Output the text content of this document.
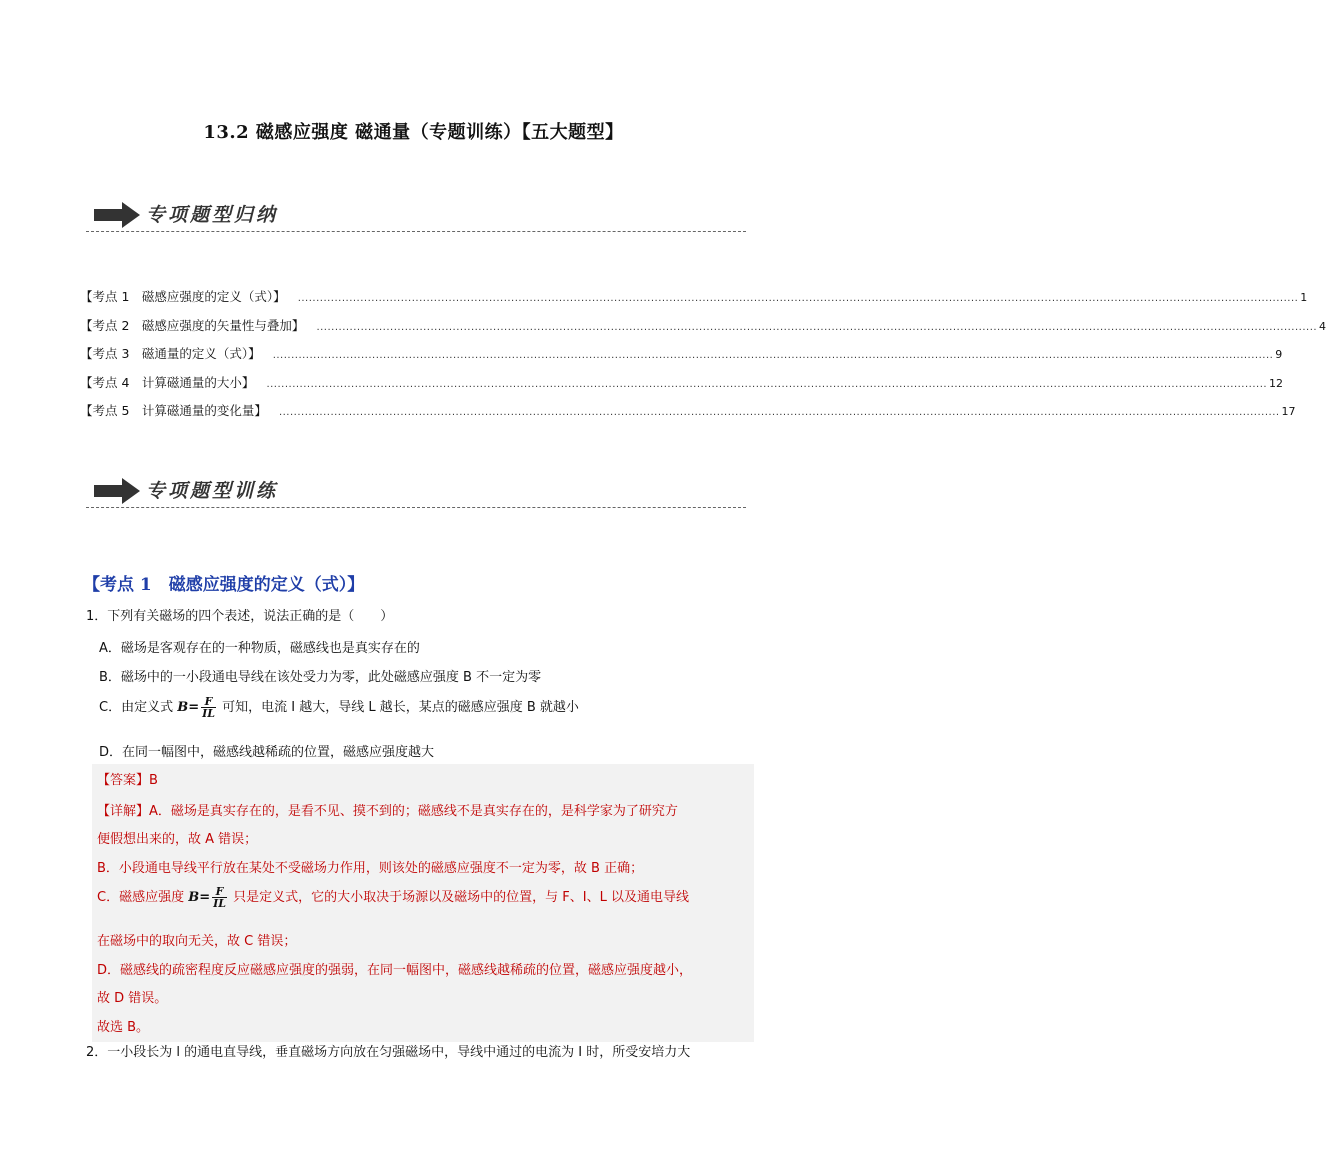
13.2 磁感应强度 磁通量（专题训练）【五大题型】
专项题型归纳
【考点 1　磁感应强度的定义（式）】 ................................................................................................................................................................................................................................................................................ 1
【考点 2　磁感应强度的矢量性与叠加】 ................................................................................................................................................................................................................................................................................ 4
【考点 3　磁通量的定义（式）】 ................................................................................................................................................................................................................................................................................ 9
【考点 4　计算磁通量的大小】 ................................................................................................................................................................................................................................................................................ 12
【考点 5　计算磁通量的变化量】 ................................................................................................................................................................................................................................................................................ 17
专项题型训练
【考点 1　磁感应强度的定义（式）】
1．下列有关磁场的四个表述，说法正确的是（　　）
A．磁场是客观存在的一种物质，磁感线也是真实存在的
B．磁场中的一小段通电导线在该处受力为零，此处磁感应强度 B 不一定为零
C．由定义式 $B= \frac{F}{IL}$ 可知，电流 I 越大，导线 L 越长，某点的磁感应强度 B 就越小
D．在同一幅图中，磁感线越稀疏的位置，磁感应强度越大
【答案】B
【详解】A．磁场是真实存在的，是看不见、摸不到的；磁感线不是真实存在的，是科学家为了研究方
便假想出来的，故 A 错误；
B．小段通电导线平行放在某处不受磁场力作用，则该处的磁感应强度不一定为零，故 B 正确；
C．磁感应强度 $B= \frac{F}{IL}$ 只是定义式，它的大小取决于场源以及磁场中的位置，与 F、I、L 以及通电导线
在磁场中的取向无关，故 C 错误；
D．磁感线的疏密程度反应磁感应强度的强弱，在同一幅图中，磁感线越稀疏的位置，磁感应强度越小，
故 D 错误。
故选 B。
2．一小段长为 l 的通电直导线，垂直磁场方向放在匀强磁场中，导线中通过的电流为 I 时，所受安培力大
